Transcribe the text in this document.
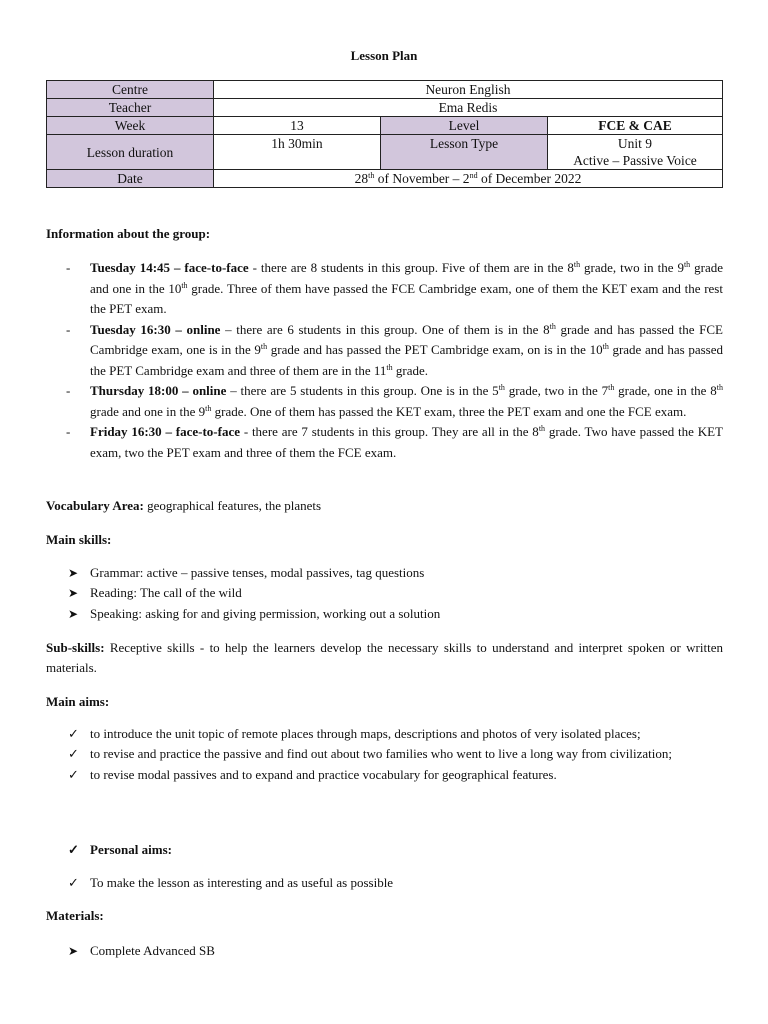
Lesson Plan
Centre	Neuron English		
Teacher	Ema Redis		
Week	13	Level	FCE & CAE
Lesson duration	1h 30min	Lesson Type	Unit 9
Active – Passive Voice

Date	28th of November – 2nd of December 2022		
Information about the group:
- Tuesday 14:45 – face-to-face - there are 8 students in this group. Five of them are in the 8th grade, two in the 9th grade and one in the 10th grade. Three of them have passed the FCE Cambridge exam, one of them the KET exam and the rest the PET exam.
- Tuesday 16:30 – online – there are 6 students in this group. One of them is in the 8th grade and has passed the FCE Cambridge exam, one is in the 9th grade and has passed the PET Cambridge exam, on is in the 10th grade and has passed the PET Cambridge exam and three of them are in the 11th grade.
- Thursday 18:00 – online – there are 5 students in this group. One is in the 5th grade, two in the 7th grade, one in the 8th grade and one in the 9th grade. One of them has passed the KET exam, three the PET exam and one the FCE exam.
- Friday 16:30 – face-to-face - there are 7 students in this group. They are all in the 8th grade. Two have passed the KET exam, two the PET exam and three of them the FCE exam.
Vocabulary Area: geographical features, the planets
Main skills:
➤ Grammar: active – passive tenses, modal passives, tag questions
➤ Reading: The call of the wild
➤ Speaking: asking for and giving permission, working out a solution
Sub-skills: Receptive skills - to help the learners develop the necessary skills to understand and interpret spoken or written materials.
Main aims:
✓ to introduce the unit topic of remote places through maps, descriptions and photos of very isolated places;
✓ to revise and practice the passive and find out about two families who went to live a long way from civilization;
✓ to revise modal passives and to expand and practice vocabulary for geographical features.
✓ Personal aims:
✓ To make the lesson as interesting and as useful as possible
Materials:
➤ Complete Advanced SB
